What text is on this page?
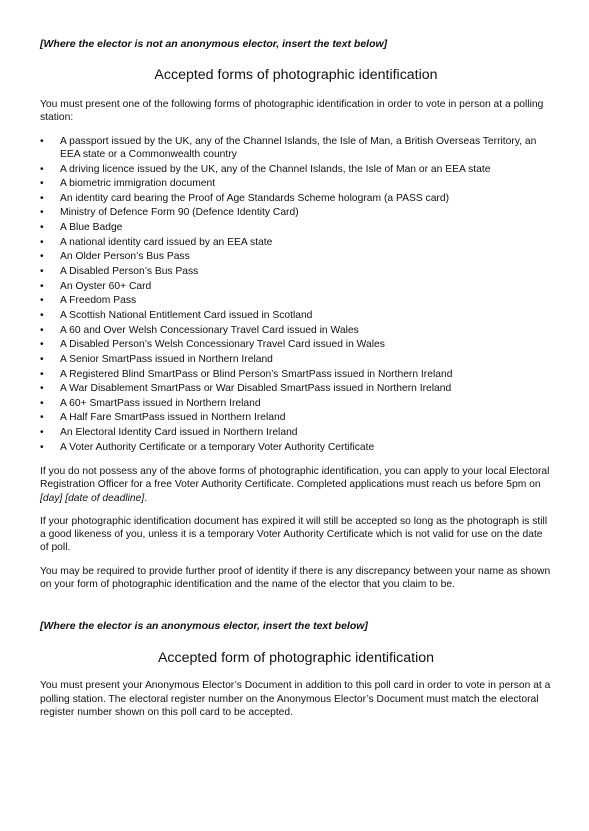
[Where the elector is not an anonymous elector, insert the text below]

Accepted forms of photographic identification

You must present one of the following forms of photographic identification in order to vote in person at a polling station:

• A passport issued by the UK, any of the Channel Islands, the Isle of Man, a British Overseas Territory, an EEA state or a Commonwealth country
• A driving licence issued by the UK, any of the Channel Islands, the Isle of Man or an EEA state
• A biometric immigration document
• An identity card bearing the Proof of Age Standards Scheme hologram (a PASS card)
• Ministry of Defence Form 90 (Defence Identity Card)
• A Blue Badge
• A national identity card issued by an EEA state
• An Older Person’s Bus Pass
• A Disabled Person’s Bus Pass
• An Oyster 60+ Card
• A Freedom Pass
• A Scottish National Entitlement Card issued in Scotland
• A 60 and Over Welsh Concessionary Travel Card issued in Wales
• A Disabled Person’s Welsh Concessionary Travel Card issued in Wales
• A Senior SmartPass issued in Northern Ireland
• A Registered Blind SmartPass or Blind Person’s SmartPass issued in Northern Ireland
• A War Disablement SmartPass or War Disabled SmartPass issued in Northern Ireland
• A 60+ SmartPass issued in Northern Ireland
• A Half Fare SmartPass issued in Northern Ireland
• An Electoral Identity Card issued in Northern Ireland
• A Voter Authority Certificate or a temporary Voter Authority Certificate

If you do not possess any of the above forms of photographic identification, you can apply to your local Electoral Registration Officer for a free Voter Authority Certificate. Completed applications must reach us before 5pm on [day] [date of deadline].

If your photographic identification document has expired it will still be accepted so long as the photograph is still a good likeness of you, unless it is a temporary Voter Authority Certificate which is not valid for use on the date of poll.

You may be required to provide further proof of identity if there is any discrepancy between your name as shown on your form of photographic identification and the name of the elector that you claim to be.

[Where the elector is an anonymous elector, insert the text below]

Accepted form of photographic identification

You must present your Anonymous Elector’s Document in addition to this poll card in order to vote in person at a polling station. The electoral register number on the Anonymous Elector’s Document must match the electoral register number shown on this poll card to be accepted.
